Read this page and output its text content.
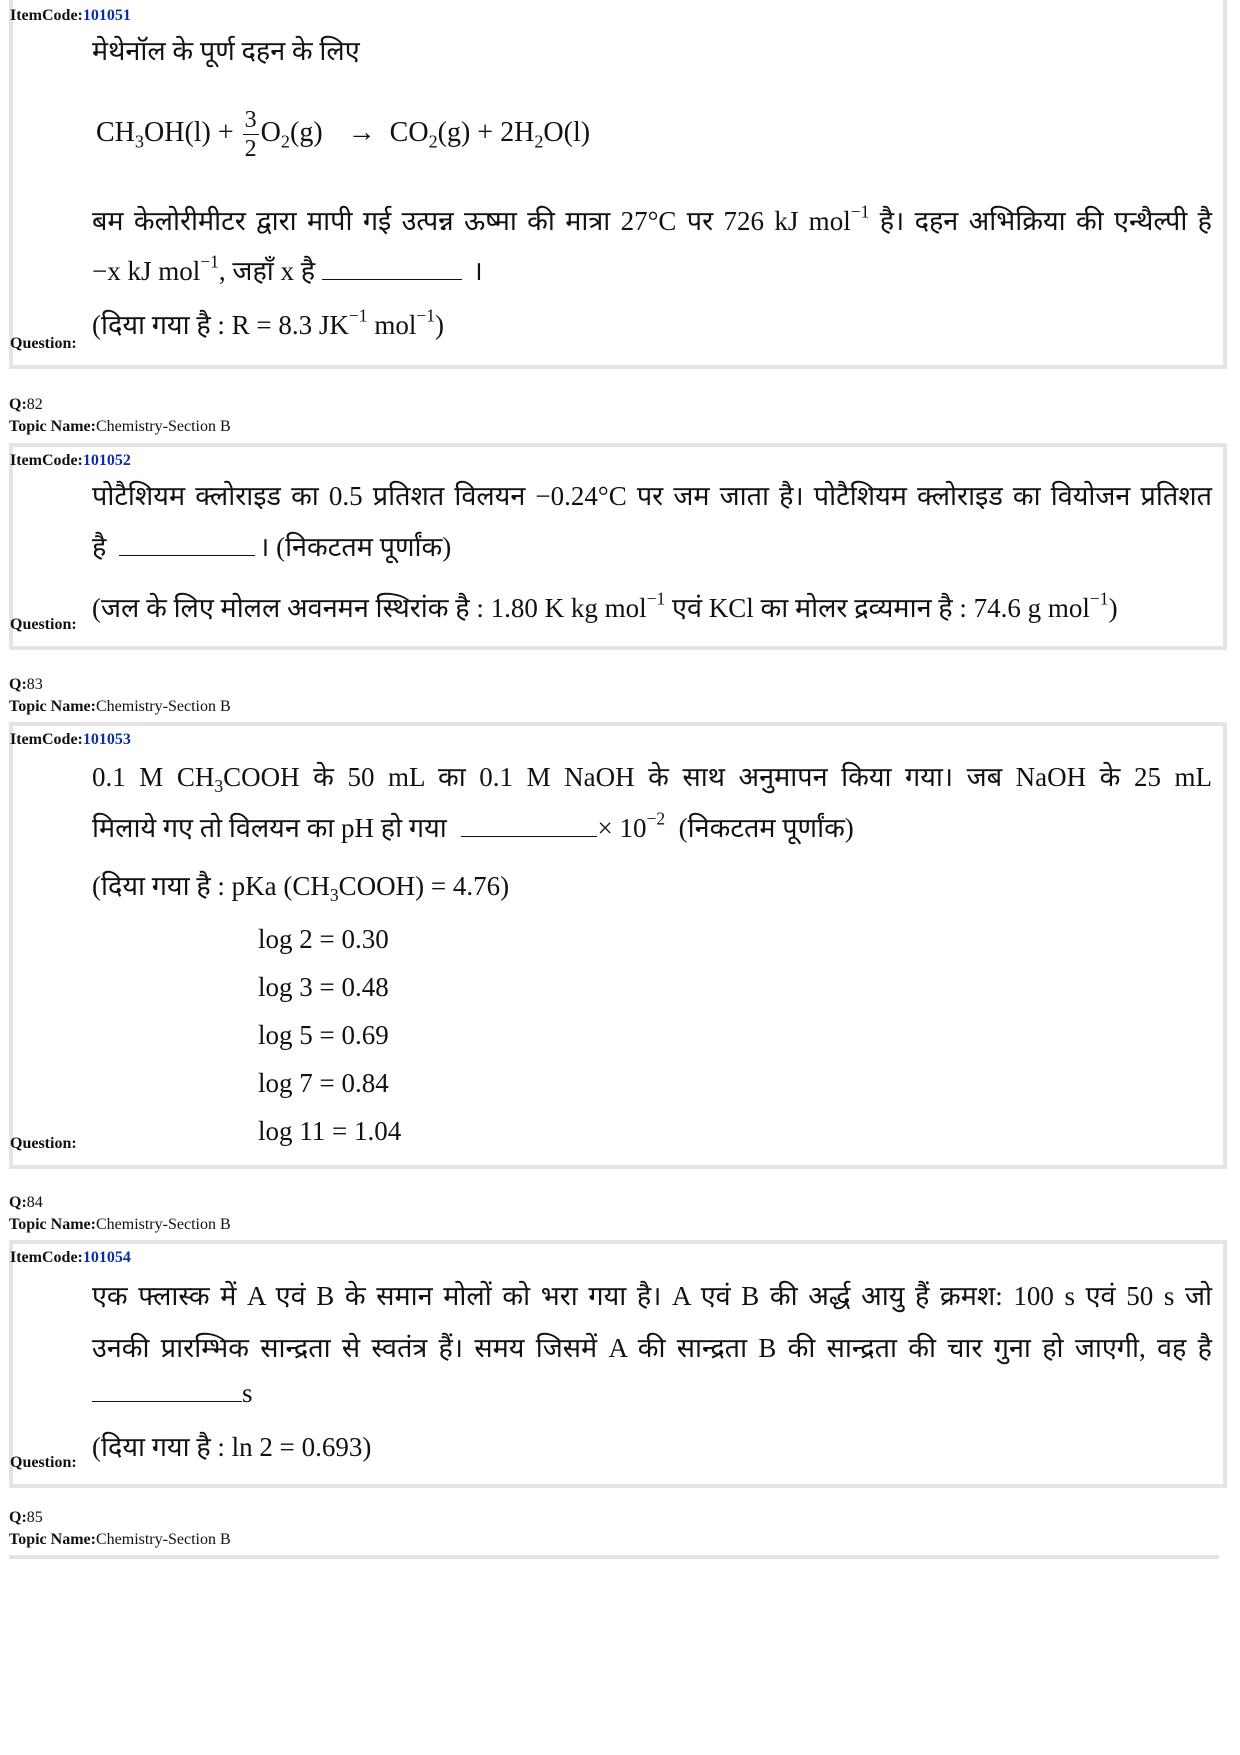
ItemCode:101051
मेथेनॉल के पूर्ण दहन के लिए
$CH_3OH(l) + \frac{3}{2} O_2(g) \to CO_2(g) + 2H_2O(l)$
बम केलोरीमीटर द्वारा मापी गई उत्पन्न ऊष्मा की मात्रा 27°C पर 726 kJ mol$^{-1}$ है। दहन अभिक्रिया की एन्थैल्पी है
−x kJ mol$^{-1}$, जहाँ x है	।
(दिया गया है : R = 8.3 $JK^{-1}$ mol$^{-1}$)
Question:
Q:82
Topic Name:Chemistry-Section B
ItemCode:101052
पोटैशियम क्लोराइड का 0.5 प्रतिशत विलयन −0.24°C पर जम जाता है। पोटैशियम क्लोराइड का वियोजन प्रतिशत
है	। (निकटतम पूर्णांक)
(जल के लिए मोलल अवनमन स्थिरांक है : 1.80 K kg mol$^{-1}$ एवं KCl का मोलर द्रव्यमान है : 74.6 g mol$^{-1}$)
Question:
Q:83
Topic Name:Chemistry-Section B
ItemCode:101053
0.1 M $CH_3COOH$ के 50 mL का 0.1 M NaOH के साथ अनुमापन किया गया। जब NaOH के 25 mL
मिलाये गए तो विलयन का pH हो गया	× $10^{-2}$  (निकटतम पूर्णांक)
(दिया गया है : pKa $(CH_3COOH) = 4.76$)
log 2 = 0.30
log 3 = 0.48
log 5 = 0.69
log 7 = 0.84
log 11 = 1.04
Question:
Q:84
Topic Name:Chemistry-Section B
ItemCode:101054
एक फ्लास्क में A एवं B के समान मोलों को भरा गया है। A एवं B की अर्द्ध आयु हैं क्रमश: 100 s एवं 50 s जो
उनकी प्रारम्भिक सान्द्रता से स्वतंत्र हैं। समय जिसमें A की सान्द्रता B की सान्द्रता की चार गुना हो जाएगी, वह है
s
(दिया गया है : ln 2 = 0.693)
Question:
Q:85
Topic Name:Chemistry-Section B
